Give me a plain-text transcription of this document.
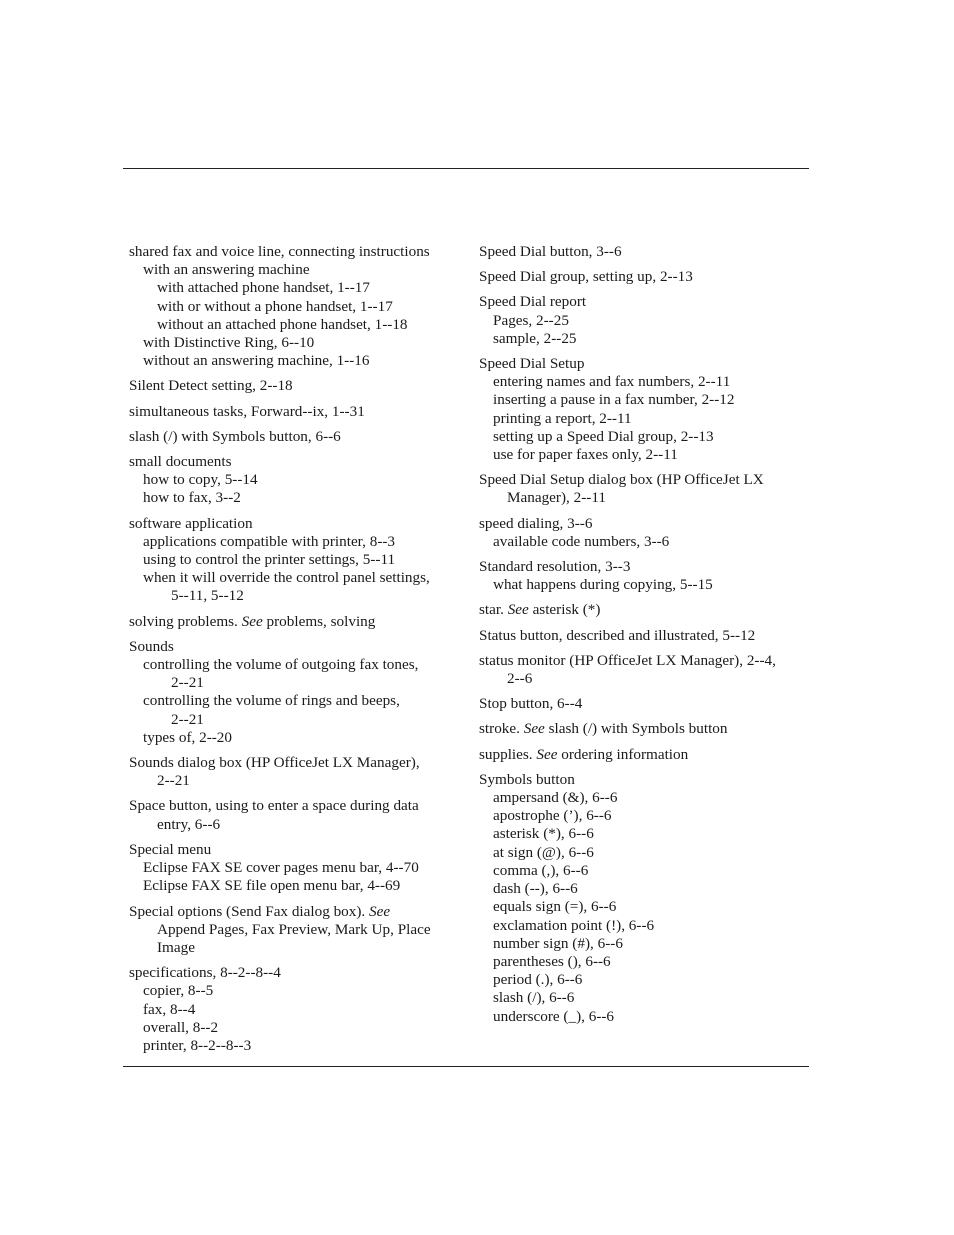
shared fax and voice line, connecting instructions
with an answering machine
with attached phone handset, 1--17
with or without a phone handset, 1--17
without an attached phone handset, 1--18
with Distinctive Ring, 6--10
without an answering machine, 1--16
Silent Detect setting, 2--18
simultaneous tasks, Forward--ix, 1--31
slash (/) with Symbols button, 6--6
small documents
how to copy, 5--14
how to fax, 3--2
software application
applications compatible with printer, 8--3
using to control the printer settings, 5--11
when it will override the control panel settings,
5--11, 5--12
solving problems. See problems, solving
Sounds
controlling the volume of outgoing fax tones,
2--21
controlling the volume of rings and beeps,
2--21
types of, 2--20
Sounds dialog box (HP OfficeJet LX Manager),
2--21
Space button, using to enter a space during data
entry, 6--6
Special menu
Eclipse FAX SE cover pages menu bar, 4--70
Eclipse FAX SE file open menu bar, 4--69
Special options (Send Fax dialog box). See
Append Pages, Fax Preview, Mark Up, Place
Image
specifications, 8--2--8--4
copier, 8--5
fax, 8--4
overall, 8--2
printer, 8--2--8--3
Speed Dial button, 3--6
Speed Dial group, setting up, 2--13
Speed Dial report
Pages, 2--25
sample, 2--25
Speed Dial Setup
entering names and fax numbers, 2--11
inserting a pause in a fax number, 2--12
printing a report, 2--11
setting up a Speed Dial group, 2--13
use for paper faxes only, 2--11
Speed Dial Setup dialog box (HP OfficeJet LX
Manager), 2--11
speed dialing, 3--6
available code numbers, 3--6
Standard resolution, 3--3
what happens during copying, 5--15
star. See asterisk (*)
Status button, described and illustrated, 5--12
status monitor (HP OfficeJet LX Manager), 2--4,
2--6
Stop button, 6--4
stroke. See slash (/) with Symbols button
supplies. See ordering information
Symbols button
ampersand (&), 6--6
apostrophe (’), 6--6
asterisk (*), 6--6
at sign (@), 6--6
comma (,), 6--6
dash (--), 6--6
equals sign (=), 6--6
exclamation point (!), 6--6
number sign (#), 6--6
parentheses (), 6--6
period (.), 6--6
slash (/), 6--6
underscore (_), 6--6
